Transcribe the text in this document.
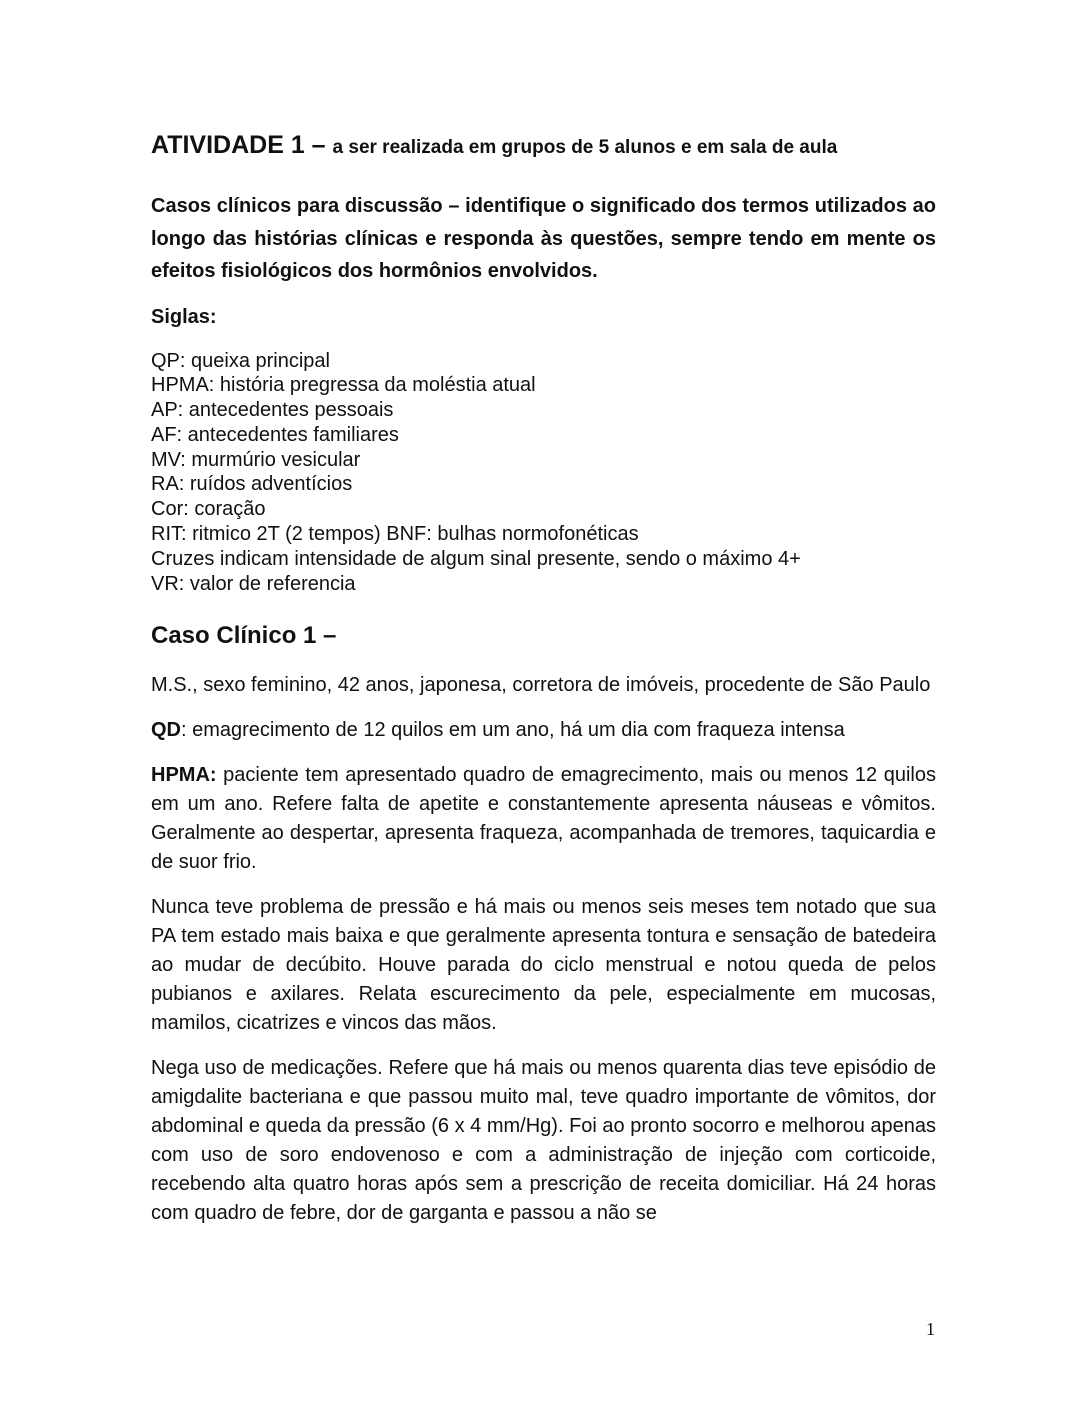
ATIVIDADE 1 – a ser realizada em grupos de 5 alunos e em sala de aula

Casos clínicos para discussão – identifique o significado dos termos utilizados ao longo das histórias clínicas e responda às questões, sempre tendo em mente os efeitos fisiológicos dos hormônios envolvidos.

Siglas:

QP: queixa principal
HPMA: história pregressa da moléstia atual
AP: antecedentes pessoais
AF: antecedentes familiares
MV: murmúrio vesicular
RA: ruídos adventícios
Cor: coração
RIT: ritmico 2T (2 tempos) BNF: bulhas normofonéticas
Cruzes indicam intensidade de algum sinal presente, sendo o máximo 4+
VR: valor de referencia
Caso Clínico 1 –

M.S., sexo feminino, 42 anos, japonesa, corretora de imóveis, procedente de São Paulo

QD: emagrecimento de 12 quilos em um ano, há um dia com fraqueza intensa

HPMA: paciente tem apresentado quadro de emagrecimento, mais ou menos 12 quilos em um ano. Refere falta de apetite e constantemente apresenta náuseas e vômitos. Geralmente ao despertar, apresenta fraqueza, acompanhada de tremores, taquicardia e de suor frio.

Nunca teve problema de pressão e há mais ou menos seis meses tem notado que sua PA tem estado mais baixa e que geralmente apresenta tontura e sensação de batedeira ao mudar de decúbito. Houve parada do ciclo menstrual e notou queda de pelos pubianos e axilares. Relata escurecimento da pele, especialmente em mucosas, mamilos, cicatrizes e vincos das mãos.

Nega uso de medicações. Refere que há mais ou menos quarenta dias teve episódio de amigdalite bacteriana e que passou muito mal, teve quadro importante de vômitos, dor abdominal e queda da pressão (6 x 4 mm/Hg). Foi ao pronto socorro e melhorou apenas com uso de soro endovenoso e com a administração de injeção com corticoide, recebendo alta quatro horas após sem a prescrição de receita domiciliar. Há 24 horas com quadro de febre, dor de garganta e passou a não se

1
